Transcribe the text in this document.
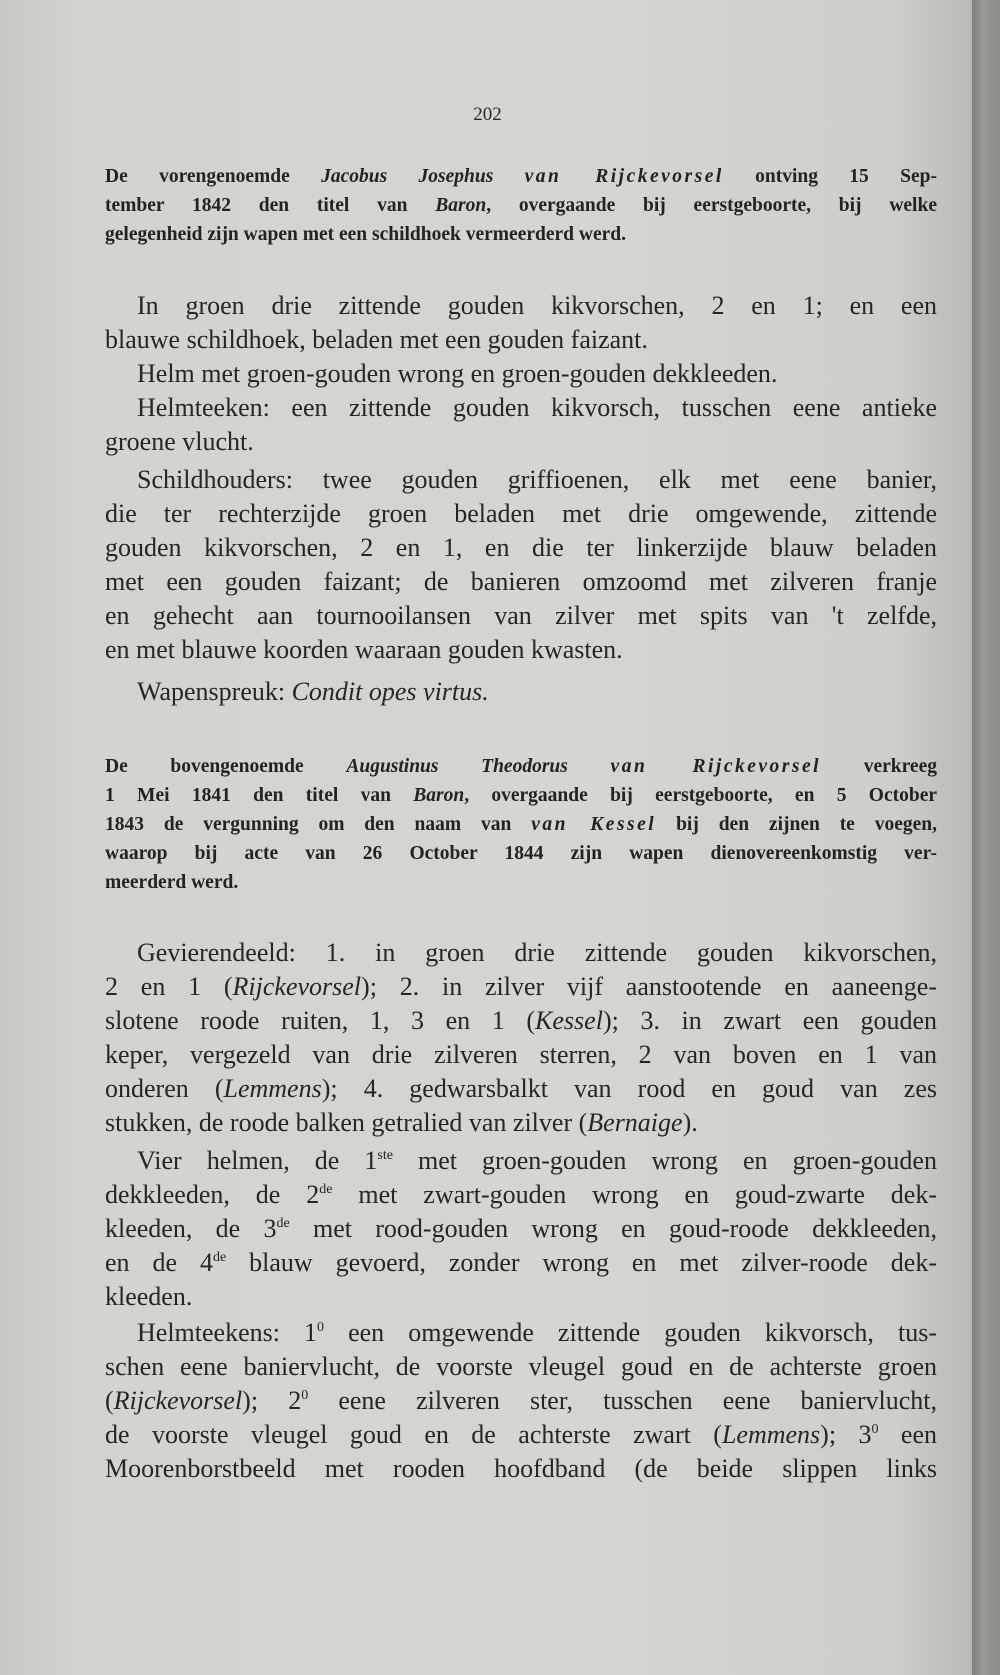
202
De vorengenoemde Jacobus Josephus van Rijckevorsel ontving 15 Sep-
tember 1842 den titel van Baron, overgaande bij eerstgeboorte, bij welke
gelegenheid zijn wapen met een schildhoek vermeerderd werd.
In groen drie zittende gouden kikvorschen, 2 en 1; en een
blauwe schildhoek, beladen met een gouden faizant.
Helm met groen-gouden wrong en groen-gouden dekkleeden.
Helmteeken: een zittende gouden kikvorsch, tusschen eene antieke
groene vlucht.
Schildhouders: twee gouden griffioenen, elk met eene banier,
die ter rechterzijde groen beladen met drie omgewende, zittende
gouden kikvorschen, 2 en 1, en die ter linkerzijde blauw beladen
met een gouden faizant; de banieren omzoomd met zilveren franje
en gehecht aan tournooilansen van zilver met spits van 't zelfde,
en met blauwe koorden waaraan gouden kwasten.
Wapenspreuk: Condit opes virtus.
De bovengenoemde Augustinus Theodorus van Rijckevorsel verkreeg
1 Mei 1841 den titel van Baron, overgaande bij eerstgeboorte, en 5 October
1843 de vergunning om den naam van van Kessel bij den zijnen te voegen,
waarop bij acte van 26 October 1844 zijn wapen dienovereenkomstig ver-
meerderd werd.
Gevierendeeld: 1. in groen drie zittende gouden kikvorschen,
2 en 1 (Rijckevorsel); 2. in zilver vijf aanstootende en aaneenge-
slotene roode ruiten, 1, 3 en 1 (Kessel); 3. in zwart een gouden
keper, vergezeld van drie zilveren sterren, 2 van boven en 1 van
onderen (Lemmens); 4. gedwarsbalkt van rood en goud van zes
stukken, de roode balken getralied van zilver (Bernaige).
Vier helmen, de 1ste met groen-gouden wrong en groen-gouden
dekkleeden, de 2de met zwart-gouden wrong en goud-zwarte dek-
kleeden, de 3de met rood-gouden wrong en goud-roode dekkleeden,
en de 4de blauw gevoerd, zonder wrong en met zilver-roode dek-
kleeden.
Helmteekens: $1^0$ een omgewende zittende gouden kikvorsch, tus-
schen eene baniervlucht, de voorste vleugel goud en de achterste groen
(Rijckevorsel); $2^0$ eene zilveren ster, tusschen eene baniervlucht,
de voorste vleugel goud en de achterste zwart (Lemmens); $3^0$ een
Moorenborstbeeld met rooden hoofdband (de beide slippen links
